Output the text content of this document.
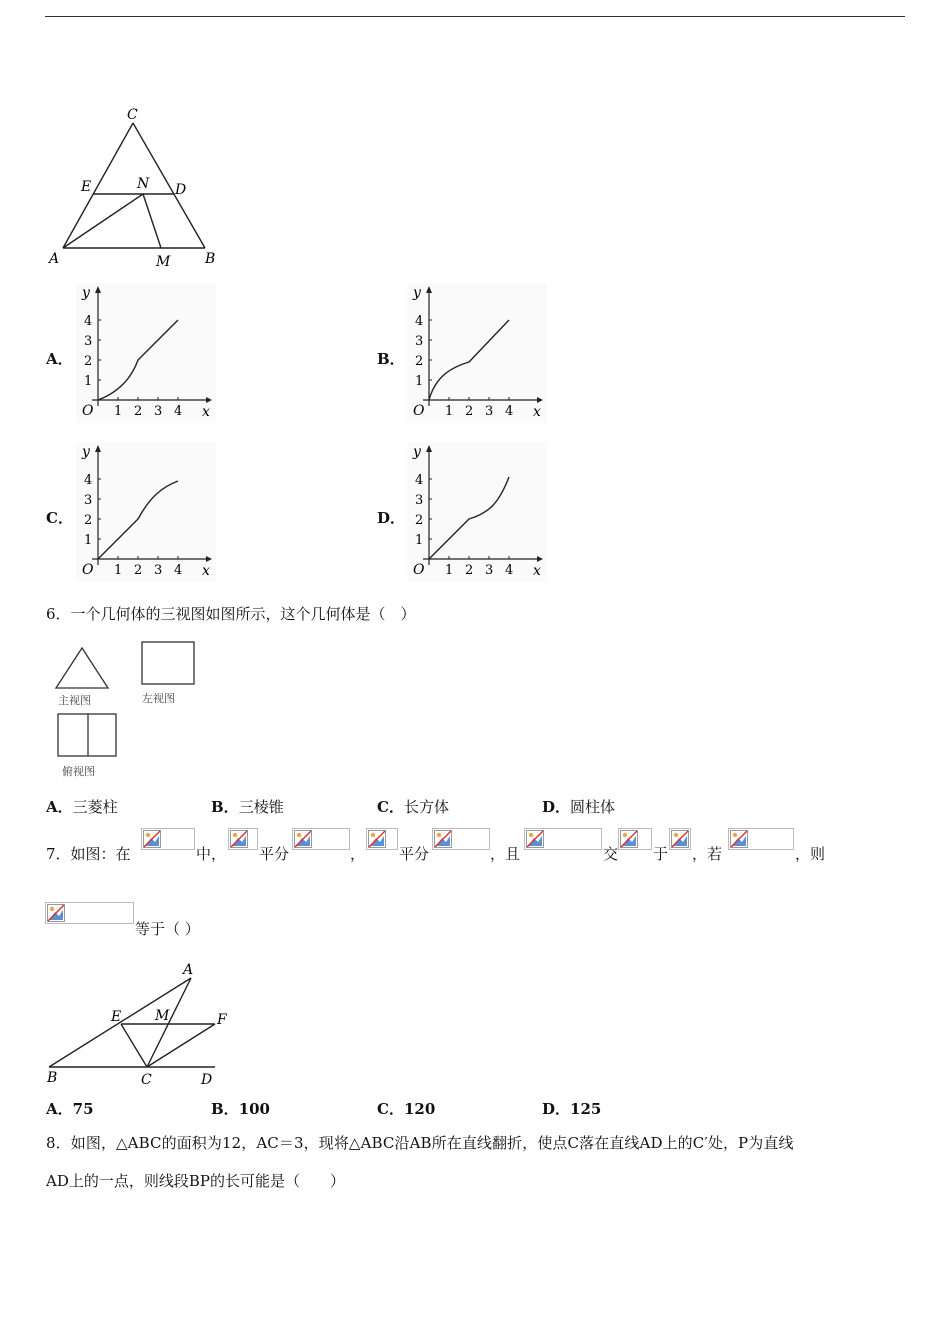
C
E	N D
A	M B
A．	B．
C．	D．
1
1
2
2
3
3
4
4
O
y
x	1
1
2
2
3
3
4
4
O
y
x
1
1
2
2
3
3
4
4
O
y
x	1
1
2
2
3
3
4
4
O
y
x
6．一个几何体的三视图如图所示，这个几何体是（　）
主视图	左视图
俯视图
A．三菱柱	B．三棱锥	C．长方体	D．圆柱体
7．如图：在	中， 平分	， 平分	，且	交 于 ，若	，则
等于（ ）
A
E M	F
B	C	D
A．75	B．100	C．120	D．125
8．如图，△ABC的面积为12，AC＝3，现将△ABC沿AB所在直线翻折，使点C落在直线AD上的C′处，P为直线
AD上的一点，则线段BP的长可能是（　　）
